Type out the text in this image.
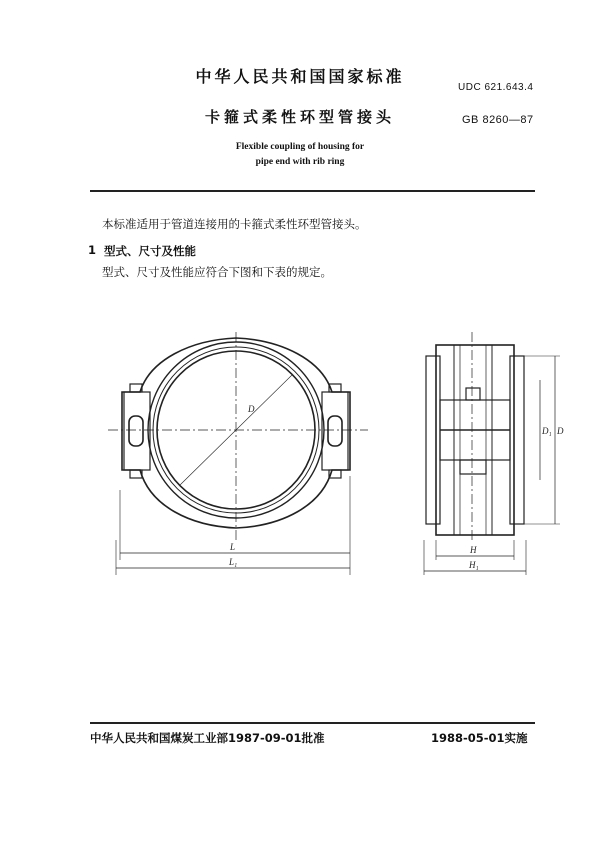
中华人民共和国国家标准
UDC 621.643.4
卡箍式柔性环型管接头	GB 8260—87
Flexible coupling of housing for
pipe end with rib ring
本标准适用于管道连接用的卡箍式柔性环型管接头。
1 型式、尺寸及性能
型式、尺寸及性能应符合下图和下表的规定。
D
L
L₁
H
H₁
D₁ D
中华人民共和国煤炭工业部1987-09-01批准	1988-05-01实施
